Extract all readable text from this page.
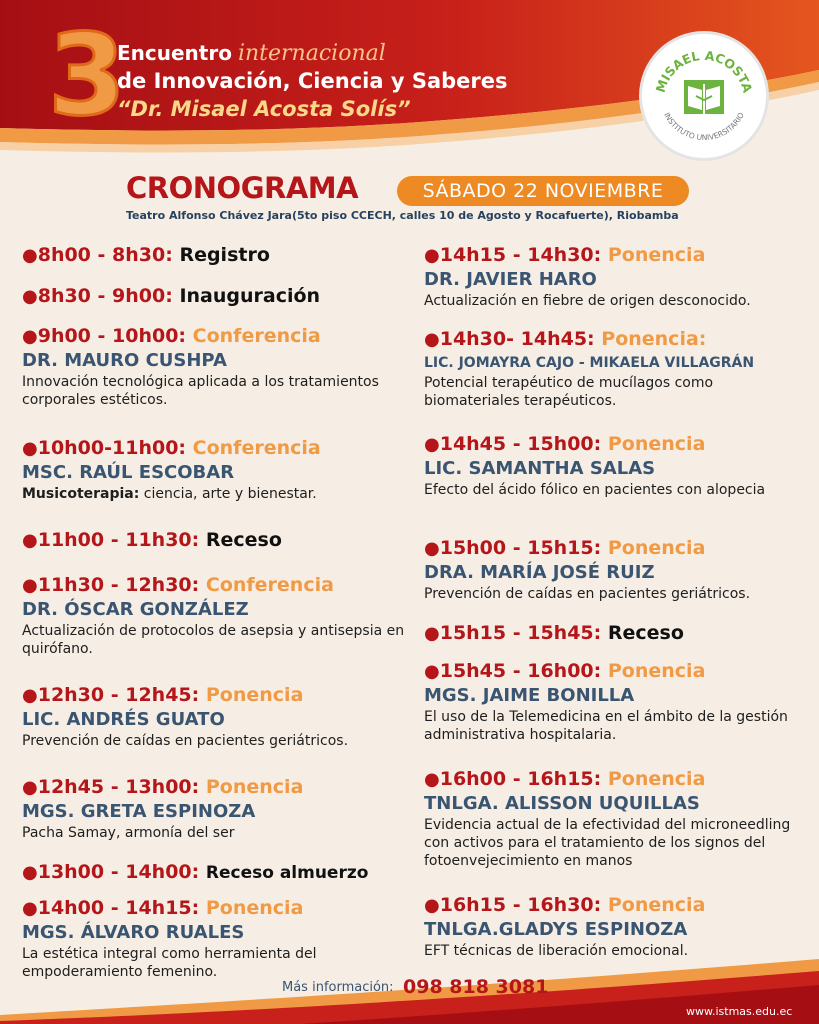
3
Encuentro internacional
de Innovación, Ciencia y Saberes
“Dr. Misael Acosta Solís”
MISAEL ACOSTA
INSTITUTO UNIVERSITARIO
CRONOGRAMA	SÁBADO 22 NOVIEMBRE
Teatro Alfonso Chávez Jara(5to piso CCECH, calles 10 de Agosto y Rocafuerte), Riobamba
●8h00 - 8h30: Registro
●8h30 - 9h00: Inauguración
●9h00 - 10h00: Conferencia
DR. MAURO CUSHPA
Innovación tecnológica aplicada a los tratamientos corporales estéticos.
●10h00-11h00: Conferencia
MSC. RAÚL ESCOBAR
Musicoterapia: ciencia, arte y bienestar.
●11h00 - 11h30: Receso
●11h30 - 12h30: Conferencia
DR. ÓSCAR GONZÁLEZ
Actualización de protocolos de asepsia y antisepsia en quirófano.
●12h30 - 12h45: Ponencia
LIC. ANDRÉS GUATO
Prevención de caídas en pacientes geriátricos.
●12h45 - 13h00: Ponencia
MGS. GRETA ESPINOZA
Pacha Samay, armonía del ser
●13h00 - 14h00: Receso almuerzo
●14h00 - 14h15: Ponencia
MGS. ÁLVARO RUALES
La estética integral como herramienta del empoderamiento femenino.
●14h15 - 14h30: Ponencia
DR. JAVIER HARO
Actualización en fiebre de origen desconocido.
●14h30- 14h45: Ponencia:
LIC. JOMAYRA CAJO - MIKAELA VILLAGRÁN
Potencial terapéutico de mucílagos como biomateriales terapéuticos.
●14h45 - 15h00: Ponencia
LIC. SAMANTHA SALAS
Efecto del ácido fólico en pacientes con alopecia
●15h00 - 15h15: Ponencia
DRA. MARÍA JOSÉ RUIZ
Prevención de caídas en pacientes geriátricos.
●15h15 - 15h45: Receso
●15h45 - 16h00: Ponencia
MGS. JAIME BONILLA
El uso de la Telemedicina en el ámbito de la gestión administrativa hospitalaria.
●16h00 - 16h15: Ponencia
TNLGA. ALISSON UQUILLAS
Evidencia actual de la efectividad del microneedling con activos para el tratamiento de los signos del fotoenvejecimiento en manos
●16h15 - 16h30: Ponencia
TNLGA.GLADYS ESPINOZA
EFT técnicas de liberación emocional.
Más información: 098 818 3081
www.istmas.edu.ec
